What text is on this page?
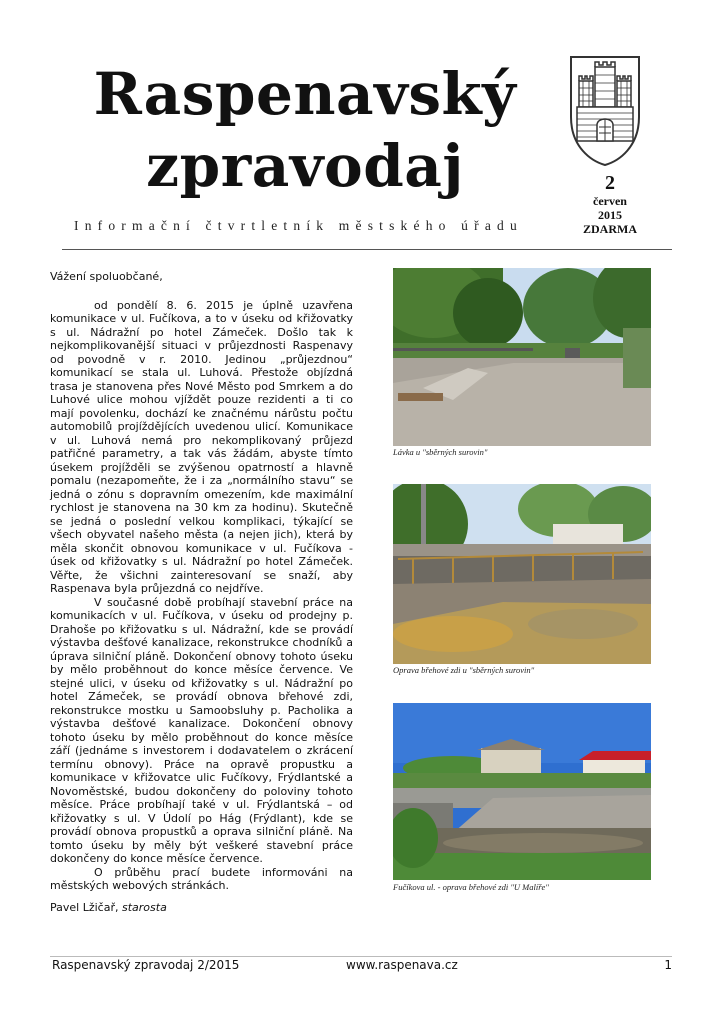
Raspenavský
zpravodaj
Informační čtvrtletník městského úřadu
2
červen
2015
ZDARMA

Vážení spoluobčané,

od pondělí 8. 6. 2015 je úplně uzavřena komunikace v ul. Fučíkova, a to v úseku od křižovatky s ul. Nádražní po hotel Zámeček. Došlo tak k nejkomplikovanější situaci v průjezdnosti Raspenavy od povodně v r. 2010. Jedinou „průjezdnou“ komunikací se stala ul. Luhová. Přestože objízdná trasa je stanovena přes Nové Město pod Smrkem a do Luhové ulice mohou vjíždět pouze rezidenti a ti co mají povolenku, dochází ke značnému nárůstu počtu automobilů projíždějících uvedenou ulicí. Komunikace v ul. Luhová nemá pro nekomplikovaný průjezd patřičné parametry, a tak vás žádám, abyste tímto úsekem projížděli se zvýšenou opatrností a hlavně pomalu (nezapomeňte, že i za „normálního stavu“ se jedná o zónu s dopravním omezením, kde maximální rychlost je stanovena na 30 km za hodinu). Skutečně se jedná o poslední velkou komplikaci, týkající se všech obyvatel našeho města (a nejen jich), která by měla skončit obnovou komunikace v ul. Fučíkova - úsek od křižovatky s ul. Nádražní po hotel Zámeček. Věřte, že všichni zainteresovaní se snaží, aby Raspenava byla průjezdná co nejdříve.

V současné době probíhají stavební práce na komunikacích v ul. Fučíkova, v úseku od prodejny p. Drahoše po křižovatku s ul. Nádražní, kde se provádí výstavba dešťové kanalizace, rekonstrukce chodníků a úprava silniční pláně. Dokončení obnovy tohoto úseku by mělo proběhnout do konce měsíce července. Ve stejné ulici, v úseku od křižovatky s ul. Nádražní po hotel Zámeček, se provádí obnova břehové zdi, rekonstrukce mostku u Samoobsluhy p. Pacholika a výstavba dešťové kanalizace. Dokončení obnovy tohoto úseku by mělo proběhnout do konce měsíce září (jednáme s investorem i dodavatelem o zkrácení termínu obnovy). Práce na opravě propustku a komunikace v křižovatce ulic Fučíkovy, Frýdlantské a Novoměstské, budou dokončeny do poloviny tohoto měsíce. Práce probíhají také v ul. Frýdlantská – od křižovatky s ul. V Údolí po Hág (Frýdlant), kde se provádí obnova propustků a oprava silniční pláně. Na tomto úseku by měly být veškeré stavební práce dokončeny do konce měsíce července.

O průběhu prací budete informováni na městských webových stránkách.

Pavel Lžičař, starosta

Lávka u "sběrných surovin"
Oprava břehové zdi u "sběrných surovin"
Fučíkova ul. - oprava břehové zdi "U Malíře"
Raspenavský zpravodaj 2/2015	www.raspenava.cz	1
